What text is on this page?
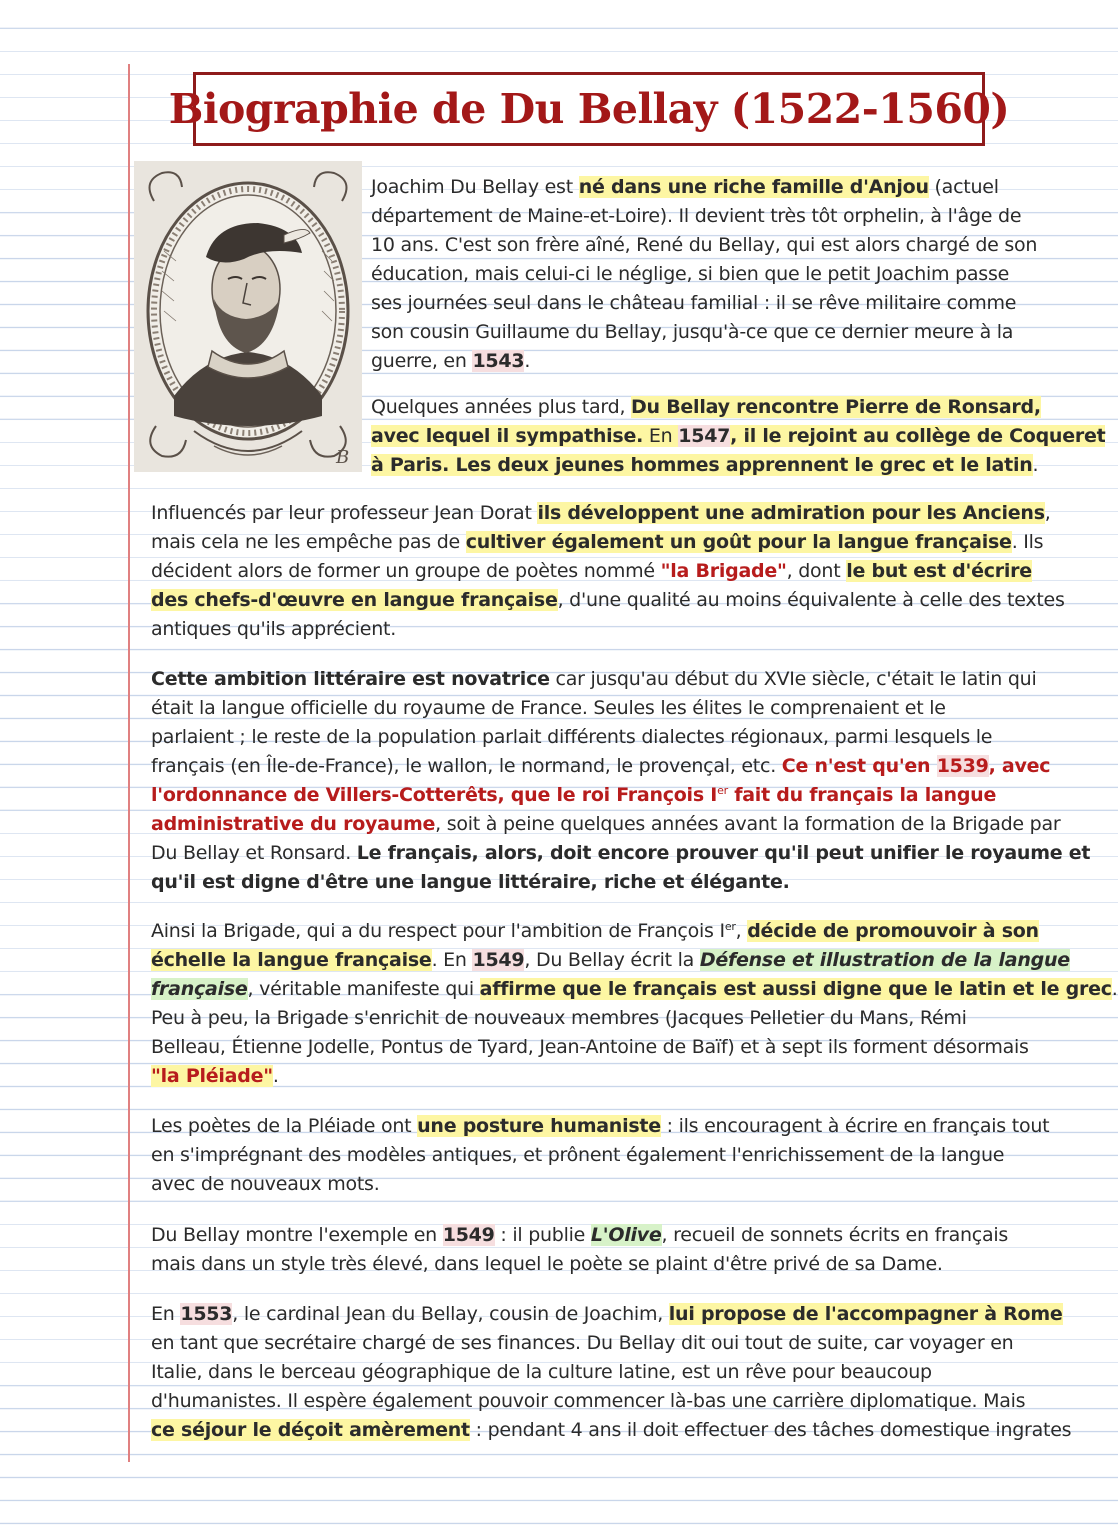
Biographie de Du Bellay (1522-1560)
B
Joachim Du Bellay est né dans une riche famille d'Anjou (actuel
département de Maine-et-Loire). Il devient très tôt orphelin, à l'âge de
10 ans. C'est son frère aîné, René du Bellay, qui est alors chargé de son
éducation, mais celui-ci le néglige, si bien que le petit Joachim passe
ses journées seul dans le château familial : il se rêve militaire comme
son cousin Guillaume du Bellay, jusqu'à-ce que ce dernier meure à la
guerre, en 1543.
Quelques années plus tard, Du Bellay rencontre Pierre de Ronsard,
avec lequel il sympathise. En 1547, il le rejoint au collège de Coqueret
à Paris. Les deux jeunes hommes apprennent le grec et le latin.
Influencés par leur professeur Jean Dorat ils développent une admiration pour les Anciens,
mais cela ne les empêche pas de cultiver également un goût pour la langue française. Ils
décident alors de former un groupe de poètes nommé "la Brigade", dont le but est d'écrire
des chefs-d'œuvre en langue française, d'une qualité au moins équivalente à celle des textes
antiques qu'ils apprécient.
Cette ambition littéraire est novatrice car jusqu'au début du XVIe siècle, c'était le latin qui
était la langue officielle du royaume de France. Seules les élites le comprenaient et le
parlaient ; le reste de la population parlait différents dialectes régionaux, parmi lesquels le
français (en Île-de-France), le wallon, le normand, le provençal, etc. Ce n'est qu'en 1539, avec
l'ordonnance de Villers-Cotterêts, que le roi François Ier fait du français la langue
administrative du royaume, soit à peine quelques années avant la formation de la Brigade par
Du Bellay et Ronsard. Le français, alors, doit encore prouver qu'il peut unifier le royaume et
qu'il est digne d'être une langue littéraire, riche et élégante.
Ainsi la Brigade, qui a du respect pour l'ambition de François Ier, décide de promouvoir à son
échelle la langue française. En 1549, Du Bellay écrit la Défense et illustration de la langue
française, véritable manifeste qui affirme que le français est aussi digne que le latin et le grec.
Peu à peu, la Brigade s'enrichit de nouveaux membres (Jacques Pelletier du Mans, Rémi
Belleau, Étienne Jodelle, Pontus de Tyard, Jean-Antoine de Baïf) et à sept ils forment désormais
"la Pléiade".
Les poètes de la Pléiade ont une posture humaniste : ils encouragent à écrire en français tout
en s'imprégnant des modèles antiques, et prônent également l'enrichissement de la langue
avec de nouveaux mots.
Du Bellay montre l'exemple en 1549 : il publie L'Olive, recueil de sonnets écrits en français
mais dans un style très élevé, dans lequel le poète se plaint d'être privé de sa Dame.
En 1553, le cardinal Jean du Bellay, cousin de Joachim, lui propose de l'accompagner à Rome
en tant que secrétaire chargé de ses finances. Du Bellay dit oui tout de suite, car voyager en
Italie, dans le berceau géographique de la culture latine, est un rêve pour beaucoup
d'humanistes. Il espère également pouvoir commencer là-bas une carrière diplomatique. Mais
ce séjour le déçoit amèrement : pendant 4 ans il doit effectuer des tâches domestique ingrates
